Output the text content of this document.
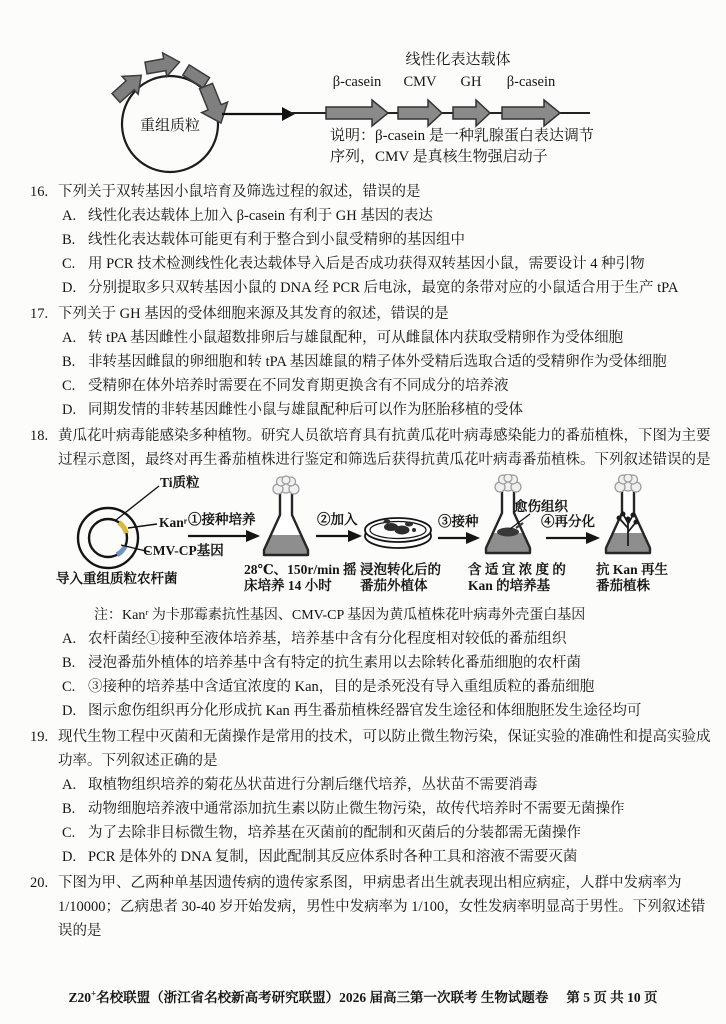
重组质粒
线性化表达载体
β-casein CMV GH β-casein
说明：β-casein 是一种乳腺蛋白表达调节
序列，CMV 是真核生物强启动子
16. 下列关于双转基因小鼠培育及筛选过程的叙述，错误的是
A. 线性化表达载体上加入 β-casein 有利于 GH 基因的表达
B. 线性化表达载体可能更有利于整合到小鼠受精卵的基因组中
C. 用 PCR 技术检测线性化表达载体导入后是否成功获得双转基因小鼠，需要设计 4 种引物
D. 分别提取多只双转基因小鼠的 DNA 经 PCR 后电泳，最宽的条带对应的小鼠适合用于生产 tPA
17. 下列关于 GH 基因的受体细胞来源及其发育的叙述，错误的是
A. 转 tPA 基因雌性小鼠超数排卵后与雄鼠配种，可从雌鼠体内获取受精卵作为受体细胞
B. 非转基因雌鼠的卵细胞和转 tPA 基因雄鼠的精子体外受精后选取合适的受精卵作为受体细胞
C. 受精卵在体外培养时需要在不同发育期更换含有不同成分的培养液
D. 同期发情的非转基因雌性小鼠与雄鼠配种后可以作为胚胎移植的受体
18. 黄瓜花叶病毒能感染多种植物。研究人员欲培育具有抗黄瓜花叶病毒感染能力的番茄植株，下图为主要过程示意图，最终对再生番茄植株进行鉴定和筛选后获得抗黄瓜花叶病毒番茄植株。下列叙述错误的是
Ti质粒
Kanʳ
CMV-CP基因
导入重组质粒农杆菌
①接种培养
28℃、150r/min 摇
床培养 14 小时
②加入
浸泡转化后的
番茄外植体
③接种
愈伤组织
含 适 宜 浓 度 的
Kan 的培养基
④再分化
抗 Kan 再生
番茄植株
注：Kanʳ 为卡那霉素抗性基因、CMV-CP 基因为黄瓜植株花叶病毒外壳蛋白基因
A. 农杆菌经①接种至液体培养基，培养基中含有分化程度相对较低的番茄组织
B. 浸泡番茄外植体的培养基中含有特定的抗生素用以去除转化番茄细胞的农杆菌
C. ③接种的培养基中含适宜浓度的 Kan，目的是杀死没有导入重组质粒的番茄细胞
D. 图示愈伤组织再分化形成抗 Kan 再生番茄植株经器官发生途径和体细胞胚发生途径均可
19. 现代生物工程中灭菌和无菌操作是常用的技术，可以防止微生物污染，保证实验的准确性和提高实验成功率。下列叙述正确的是
A. 取植物组织培养的菊花丛状苗进行分割后继代培养，丛状苗不需要消毒
B. 动物细胞培养液中通常添加抗生素以防止微生物污染，故传代培养时不需要无菌操作
C. 为了去除非目标微生物，培养基在灭菌前的配制和灭菌后的分装都需无菌操作
D. PCR 是体外的 DNA 复制，因此配制其反应体系时各种工具和溶液不需要灭菌
20. 下图为甲、乙两种单基因遗传病的遗传家系图，甲病患者出生就表现出相应病症，人群中发病率为 1/10000；乙病患者 30-40 岁开始发病，男性中发病率为 1/100，女性发病率明显高于男性。下列叙述错误的是
Z20+名校联盟（浙江省名校新高考研究联盟）2026 届高三第一次联考 生物试题卷 第 5 页 共 10 页
